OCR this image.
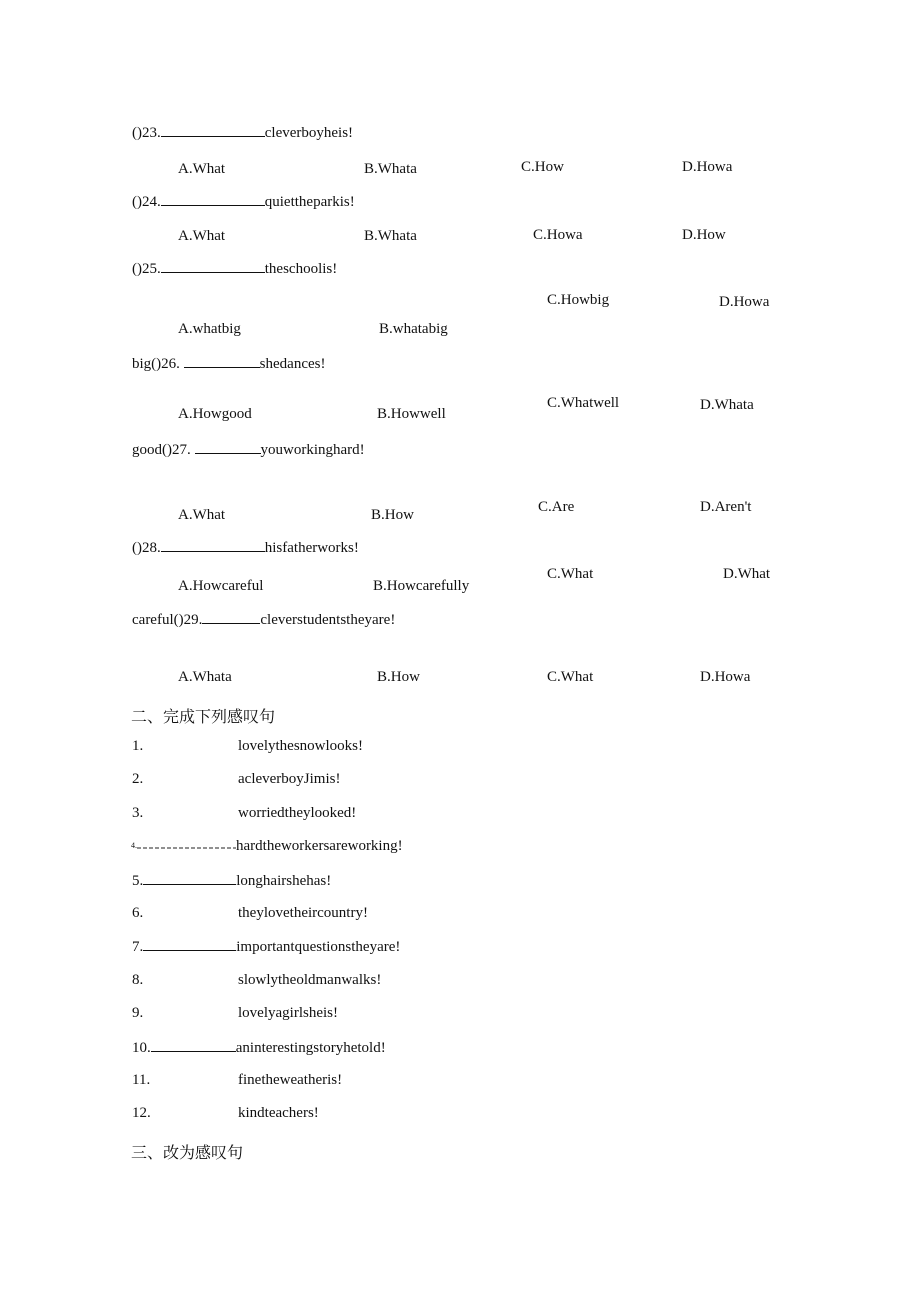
()23.	cleverboyheis!
A.What	B.Whata	C.How	D.Howa
()24.	quiettheparkis!
A.What	B.Whata	C.Howa	D.How
()25.	theschoolis!
C.Howbig	D.Howa
A.whatbig	B.whatabig
big()26.	shedances!
C.Whatwell	D.Whata
A.Howgood	B.Howwell
good()27.	youworkinghard!
C.Are	D.Aren't
A.What	B.How
()28.	hisfatherworks!
C.What	D.What
A.Howcareful	B.Howcarefully
careful()29.	cleverstudentstheyare!
A.Whata	B.How	C.What	D.Howa
二、完成下列感叹句
1.	lovelythesnowlooks!
2.	acleverboyJimis!
3.	worriedtheylooked!
$^{4.}$	hardtheworkersareworking!
5.	longhairshehas!
6.	theylovetheircountry!
7.	importantquestionstheyare!
8.	slowlytheoldmanwalks!
9.	lovelyagirlsheis!
10.	aninterestingstoryhetold!
11.	finetheweatheris!
12.	kindteachers!
三、改为感叹句
